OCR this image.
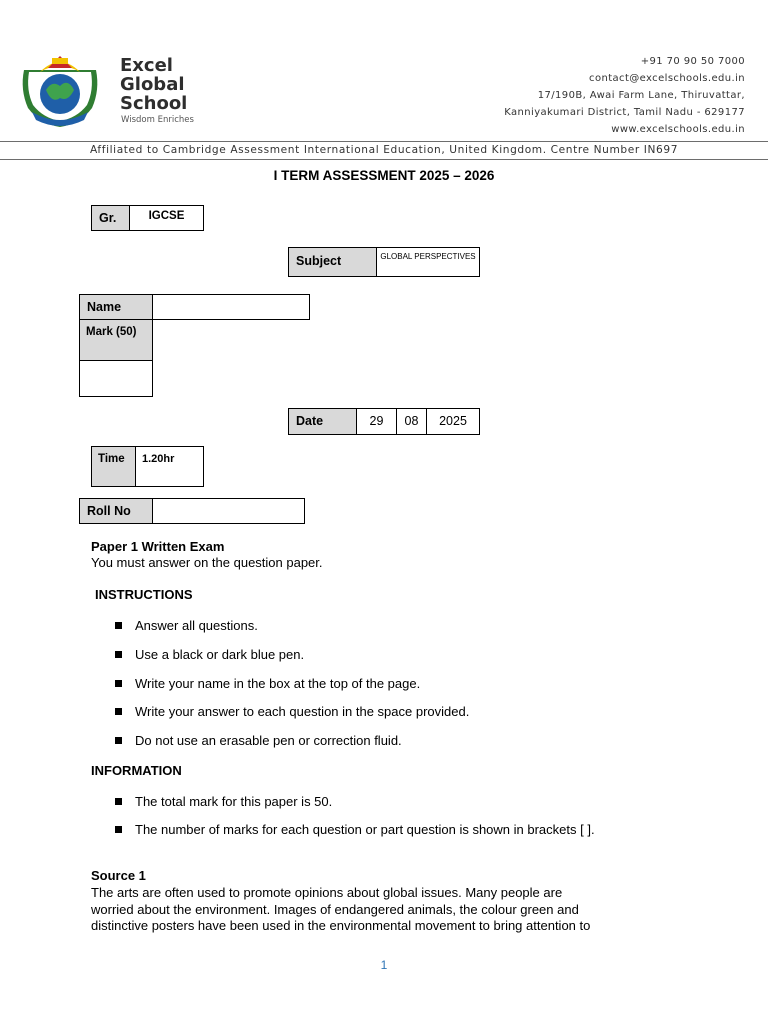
Excel
Global
School
Wisdom Enriches
+91 70 90 50 7000
contact@excelschools.edu.in
17/190B, Awai Farm Lane, Thiruvattar,
Kanniyakumari District, Tamil Nadu - 629177
www.excelschools.edu.in
Affiliated to Cambridge Assessment International Education, United Kingdom. Centre Number IN697
I TERM ASSESSMENT 2025 – 2026
Gr.	IGCSE
Subject	GLOBAL PERSPECTIVES
Name
Mark (50)
Date	29	08	2025
Time	1.20hr
Roll No
Paper 1 Written Exam
You must answer on the question paper.
INSTRUCTIONS
Answer all questions.
Use a black or dark blue pen.
Write your name in the box at the top of the page.
Write your answer to each question in the space provided.
Do not use an erasable pen or correction fluid.
INFORMATION
The total mark for this paper is 50.
The number of marks for each question or part question is shown in brackets [ ].
Source 1
The arts are often used to promote opinions about global issues. Many people are
worried about the environment. Images of endangered animals, the colour green and
distinctive posters have been used in the environmental movement to bring attention to
1
